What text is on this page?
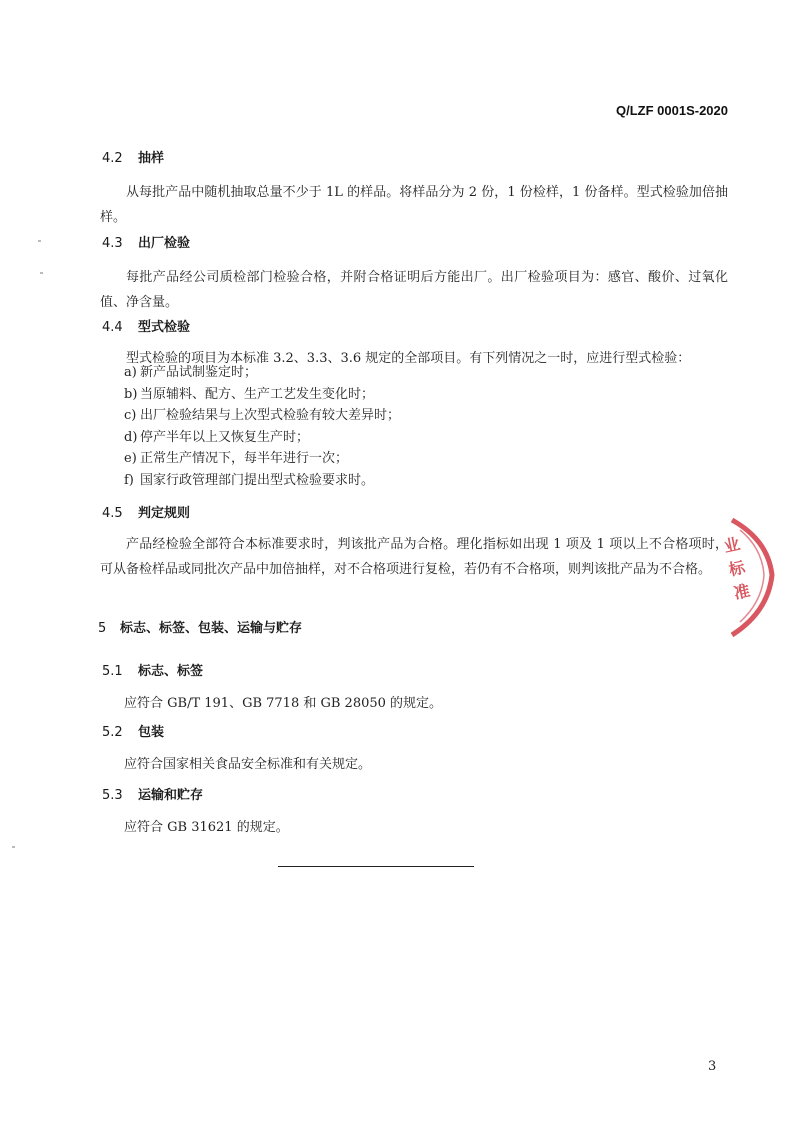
Q/LZF 0001S-2020
4.2 抽样

从每批产品中随机抽取总量不少于 1L 的样品。将样品分为 2 份，1 份检样，1 份备样。型式检验加倍抽样。

4.3 出厂检验

每批产品经公司质检部门检验合格，并附合格证明后方能出厂。出厂检验项目为：感官、酸价、过氧化值、净含量。

4.4 型式检验

型式检验的项目为本标准 3.2、3.3、3.6 规定的全部项目。有下列情况之一时，应进行型式检验：

a) 新产品试制鉴定时；
b) 当原辅料、配方、生产工艺发生变化时；
c) 出厂检验结果与上次型式检验有较大差异时；
d) 停产半年以上又恢复生产时；
e) 正常生产情况下，每半年进行一次；
f) 国家行政管理部门提出型式检验要求时。
4.5 判定规则

产品经检验全部符合本标准要求时，判该批产品为合格。理化指标如出现 1 项及 1 项以上不合格项时，可从备检样品或同批次产品中加倍抽样，对不合格项进行复检，若仍有不合格项，则判该批产品为不合格。

5 标志、标签、包装、运输与贮存
5.1 标志、标签
应符合 GB/T 191、GB 7718 和 GB 28050 的规定。
5.2 包装
应符合国家相关食品安全标准和有关规定。
5.3 运输和贮存
应符合 GB 31621 的规定。
业标准
3
